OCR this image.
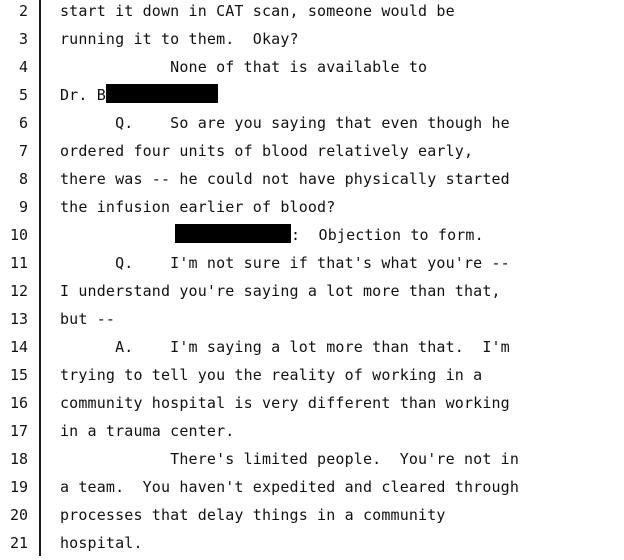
2 start it down in CAT scan, someone would be
3 running it to them.  Okay?
4 None of that is available to
5 Dr. B
6 Q.    So are you saying that even though he
7 ordered four units of blood relatively early,
8 there was -- he could not have physically started
9 the infusion earlier of blood?
10	:  Objection to form.
11 Q.    I'm not sure if that's what you're --
12 I understand you're saying a lot more than that,
13 but --
14 A.    I'm saying a lot more than that.  I'm
15 trying to tell you the reality of working in a
16 community hospital is very different than working
17 in a trauma center.
18 There's limited people.  You're not in
19 a team.  You haven't expedited and cleared through
20 processes that delay things in a community
21 hospital.
